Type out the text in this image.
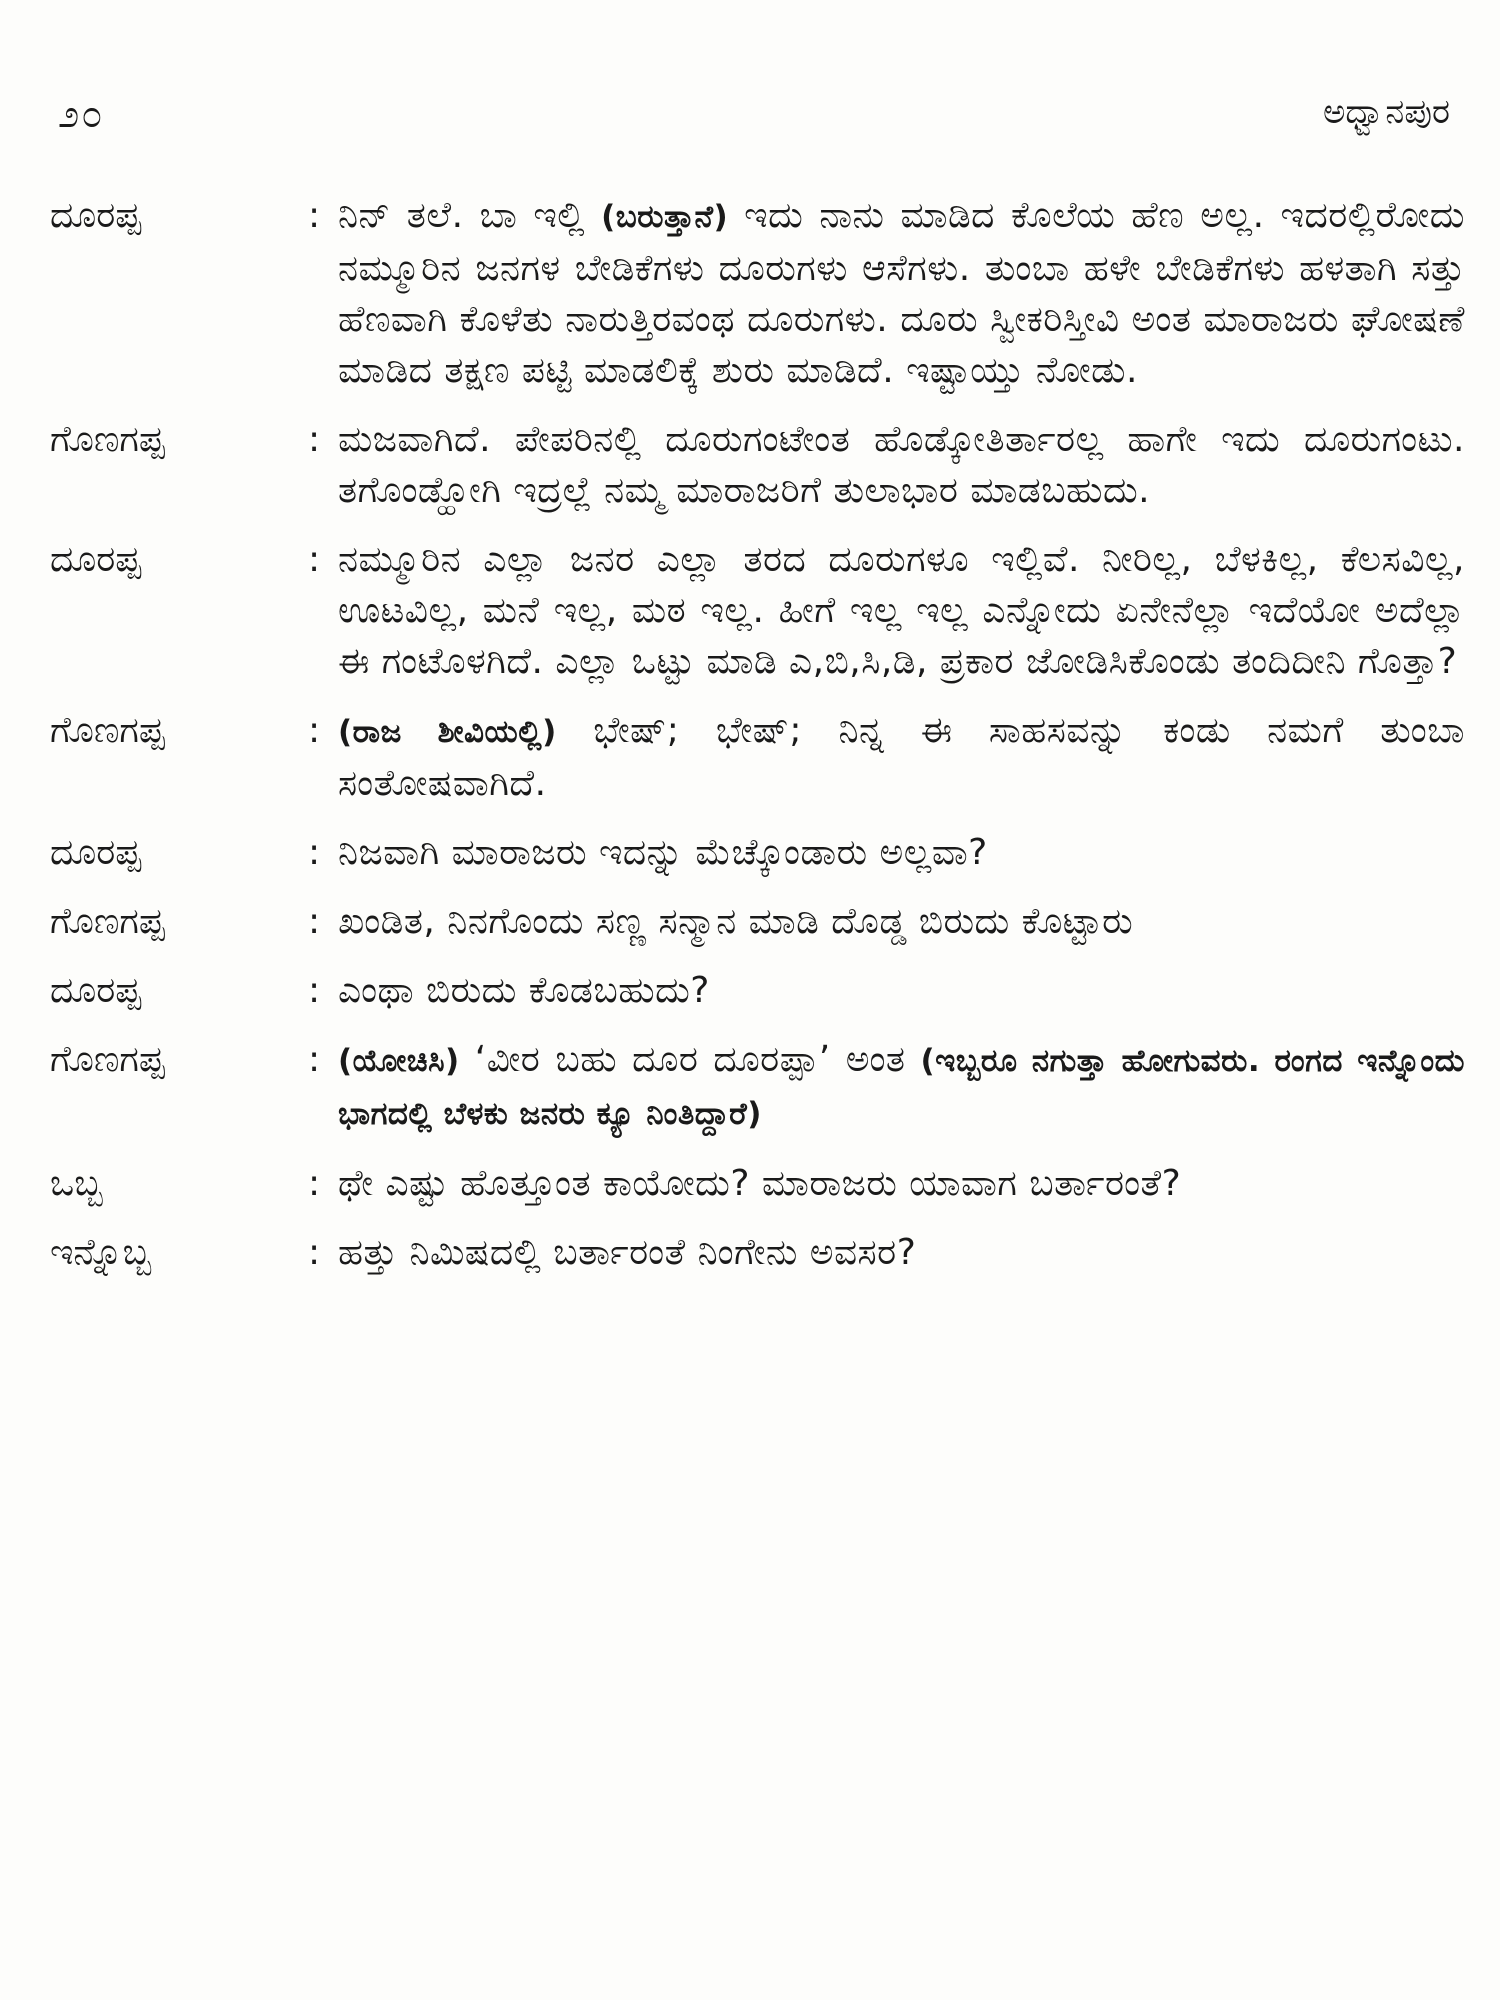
೨೦	ಅಧ್ವಾನಪುರ
ದೂರಪ್ಪ	: ನಿನ್ ತಲೆ. ಬಾ ಇಲ್ಲಿ (ಬರುತ್ತಾನೆ) ಇದು ನಾನು ಮಾಡಿದ ಕೊಲೆಯ ಹೆಣ ಅಲ್ಲ. ಇದರಲ್ಲಿರೋದು ನಮ್ಮೂರಿನ ಜನಗಳ ಬೇಡಿಕೆಗಳು ದೂರುಗಳು ಆಸೆಗಳು. ತುಂಬಾ ಹಳೇ ಬೇಡಿಕೆಗಳು ಹಳತಾಗಿ ಸತ್ತು ಹೆಣವಾಗಿ ಕೊಳೆತು ನಾರುತ್ತಿರವಂಥ ದೂರುಗಳು. ದೂರು ಸ್ವೀಕರಿಸ್ತೀವಿ ಅಂತ ಮಾರಾಜರು ಘೋಷಣೆ ಮಾಡಿದ ತಕ್ಷಣ ಪಟ್ಟಿ ಮಾಡಲಿಕ್ಕೆ ಶುರು ಮಾಡಿದೆ. ಇಷ್ಟಾಯ್ತು ನೋಡು.
ಗೊಣಗಪ್ಪ	: ಮಜವಾಗಿದೆ. ಪೇಪರಿನಲ್ಲಿ ದೂರುಗಂಟೇಂತ ಹೊಡ್ಕೋತಿರ್ತಾರಲ್ಲ ಹಾಗೇ ಇದು ದೂರುಗಂಟು. ತಗೊಂಡ್ಹೋಗಿ ಇದ್ರಲ್ಲೆ ನಮ್ಮ ಮಾರಾಜರಿಗೆ ತುಲಾಭಾರ ಮಾಡಬಹುದು.
ದೂರಪ್ಪ	: ನಮ್ಮೂರಿನ ಎಲ್ಲಾ ಜನರ ಎಲ್ಲಾ ತರದ ದೂರುಗಳೂ ಇಲ್ಲಿವೆ. ನೀರಿಲ್ಲ, ಬೆಳಕಿಲ್ಲ, ಕೆಲಸವಿಲ್ಲ, ಊಟವಿಲ್ಲ, ಮನೆ ಇಲ್ಲ, ಮಠ ಇಲ್ಲ. ಹೀಗೆ ಇಲ್ಲ ಇಲ್ಲ ಎನ್ನೋದು ಏನೇನೆಲ್ಲಾ ಇದೆಯೋ ಅದೆಲ್ಲಾ ಈ ಗಂಟೊಳಗಿದೆ. ಎಲ್ಲಾ ಒಟ್ಟು ಮಾಡಿ ಎ,ಬಿ,ಸಿ,ಡಿ, ಪ್ರಕಾರ ಜೋಡಿಸಿಕೊಂಡು ತಂದಿದೀನಿ ಗೊತ್ತಾ?
ಗೊಣಗಪ್ಪ	: (ರಾಜ ಶೀವಿಯಲ್ಲಿ) ಭೇಷ್; ಭೇಷ್; ನಿನ್ನ ಈ ಸಾಹಸವನ್ನು ಕಂಡು ನಮಗೆ ತುಂಬಾ ಸಂತೋಷವಾಗಿದೆ.
ದೂರಪ್ಪ	: ನಿಜವಾಗಿ ಮಾರಾಜರು ಇದನ್ನು ಮೆಚ್ಕೊಂಡಾರು ಅಲ್ಲವಾ?
ಗೊಣಗಪ್ಪ	: ಖಂಡಿತ, ನಿನಗೊಂದು ಸಣ್ಣ ಸನ್ಮಾನ ಮಾಡಿ ದೊಡ್ಡ ಬಿರುದು ಕೊಟ್ಟಾರು
ದೂರಪ್ಪ	: ಎಂಥಾ ಬಿರುದು ಕೊಡಬಹುದು?
ಗೊಣಗಪ್ಪ	: (ಯೋಚಿಸಿ) ‘ವೀರ ಬಹು ದೂರ ದೂರಪ್ಪಾ’ ಅಂತ (ಇಬ್ಬರೂ ನಗುತ್ತಾ ಹೋಗುವರು. ರಂಗದ ಇನ್ನೊಂದು ಭಾಗದಲ್ಲಿ ಬೆಳಕು ಜನರು ಕ್ಯೂ ನಿಂತಿದ್ದಾರೆ)
ಒಬ್ಬ	: ಥೇ ಎಷ್ಟು ಹೊತ್ತೂಂತ ಕಾಯೋದು? ಮಾರಾಜರು ಯಾವಾಗ ಬರ್ತಾರಂತೆ?
ಇನ್ನೊಬ್ಬ	: ಹತ್ತು ನಿಮಿಷದಲ್ಲಿ ಬರ್ತಾರಂತೆ ನಿಂಗೇನು ಅವಸರ?
